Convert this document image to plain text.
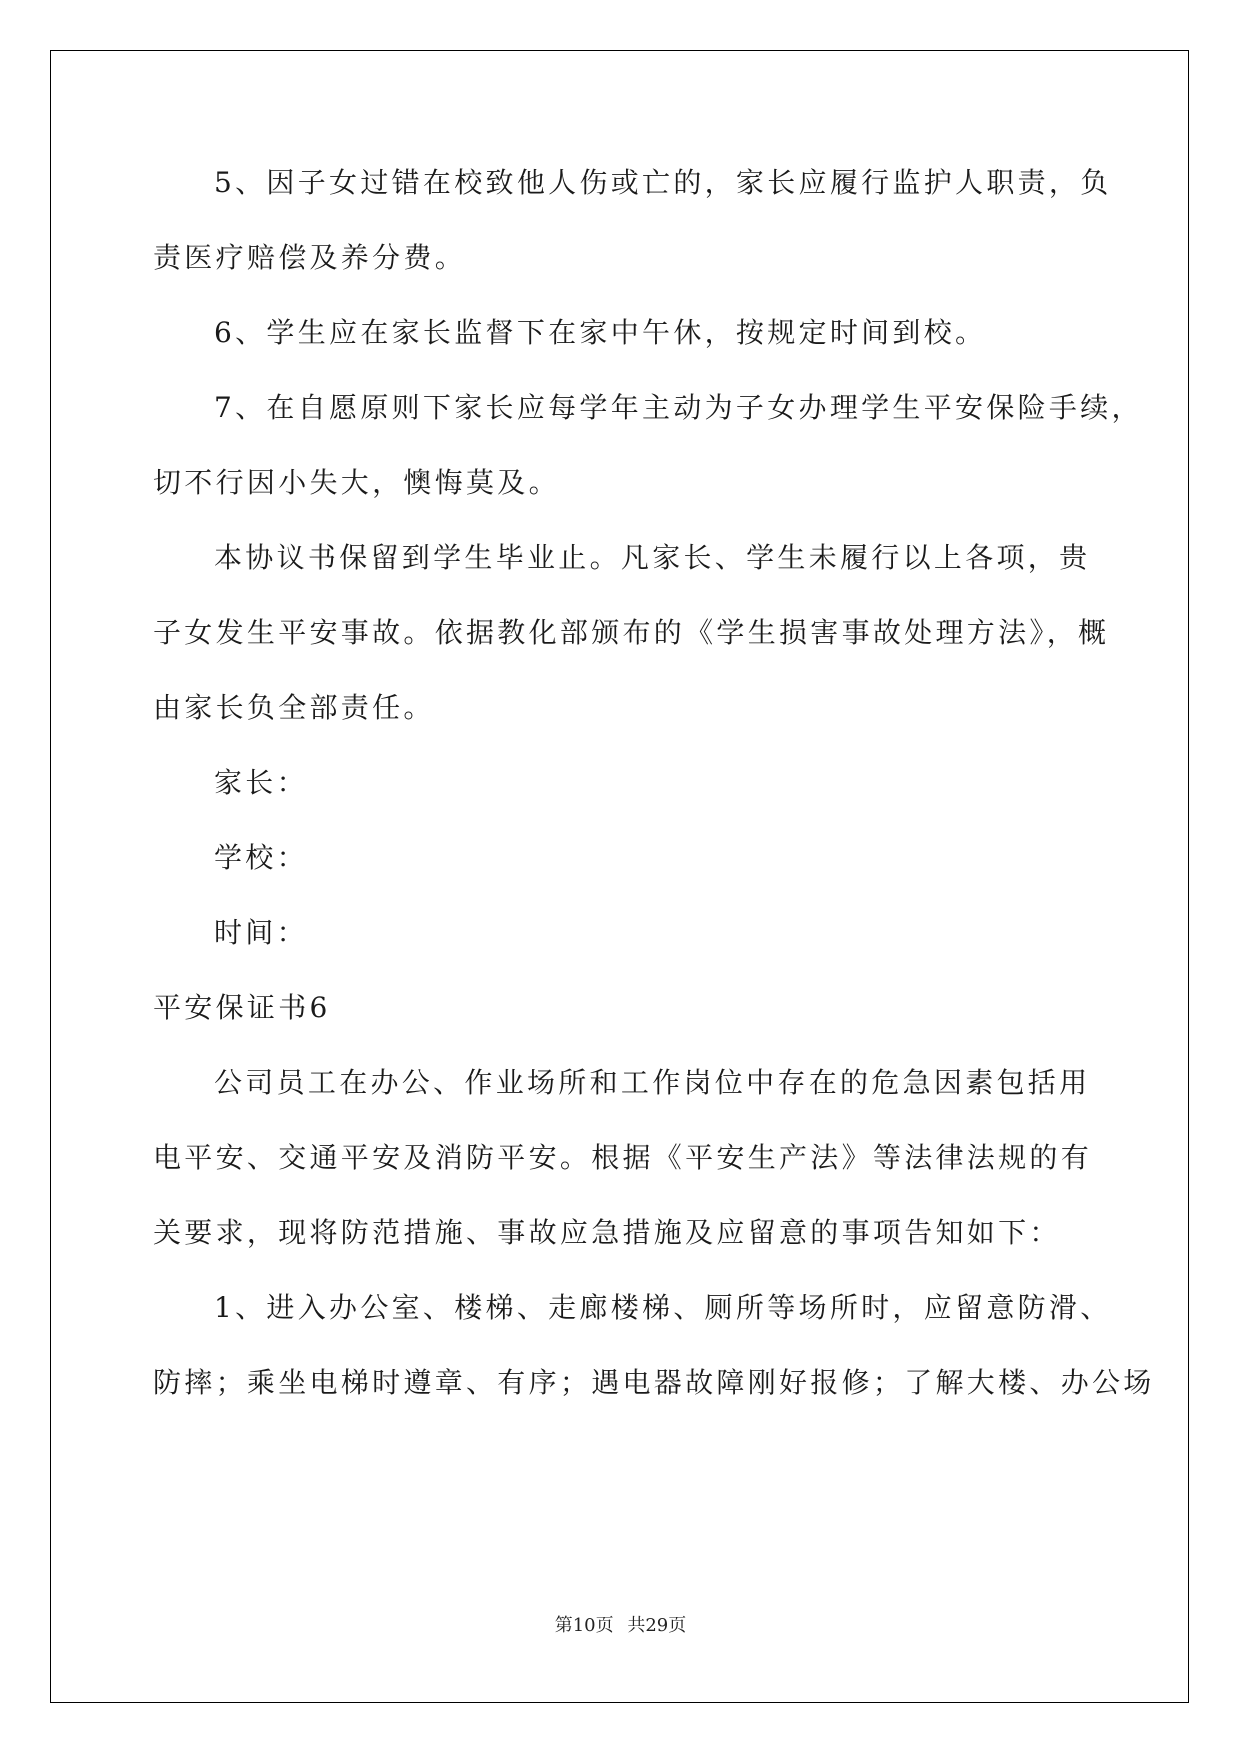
5、因子女过错在校致他人伤或亡的，家长应履行监护人职责，负
责医疗赔偿及养分费。
6、学生应在家长监督下在家中午休，按规定时间到校。
7、在自愿原则下家长应每学年主动为子女办理学生平安保险手续，
切不行因小失大，懊悔莫及。
本协议书保留到学生毕业止。凡家长、学生未履行以上各项，贵
子女发生平安事故。依据教化部颁布的《学生损害事故处理方法》，概
由家长负全部责任。
家长：
学校：
时间：
平安保证书6
公司员工在办公、作业场所和工作岗位中存在的危急因素包括用
电平安、交通平安及消防平安。根据《平安生产法》等法律法规的有
关要求，现将防范措施、事故应急措施及应留意的事项告知如下：
1、进入办公室、楼梯、走廊楼梯、厕所等场所时，应留意防滑、
防摔；乘坐电梯时遵章、有序；遇电器故障刚好报修；了解大楼、办公场
第10页 共29页
